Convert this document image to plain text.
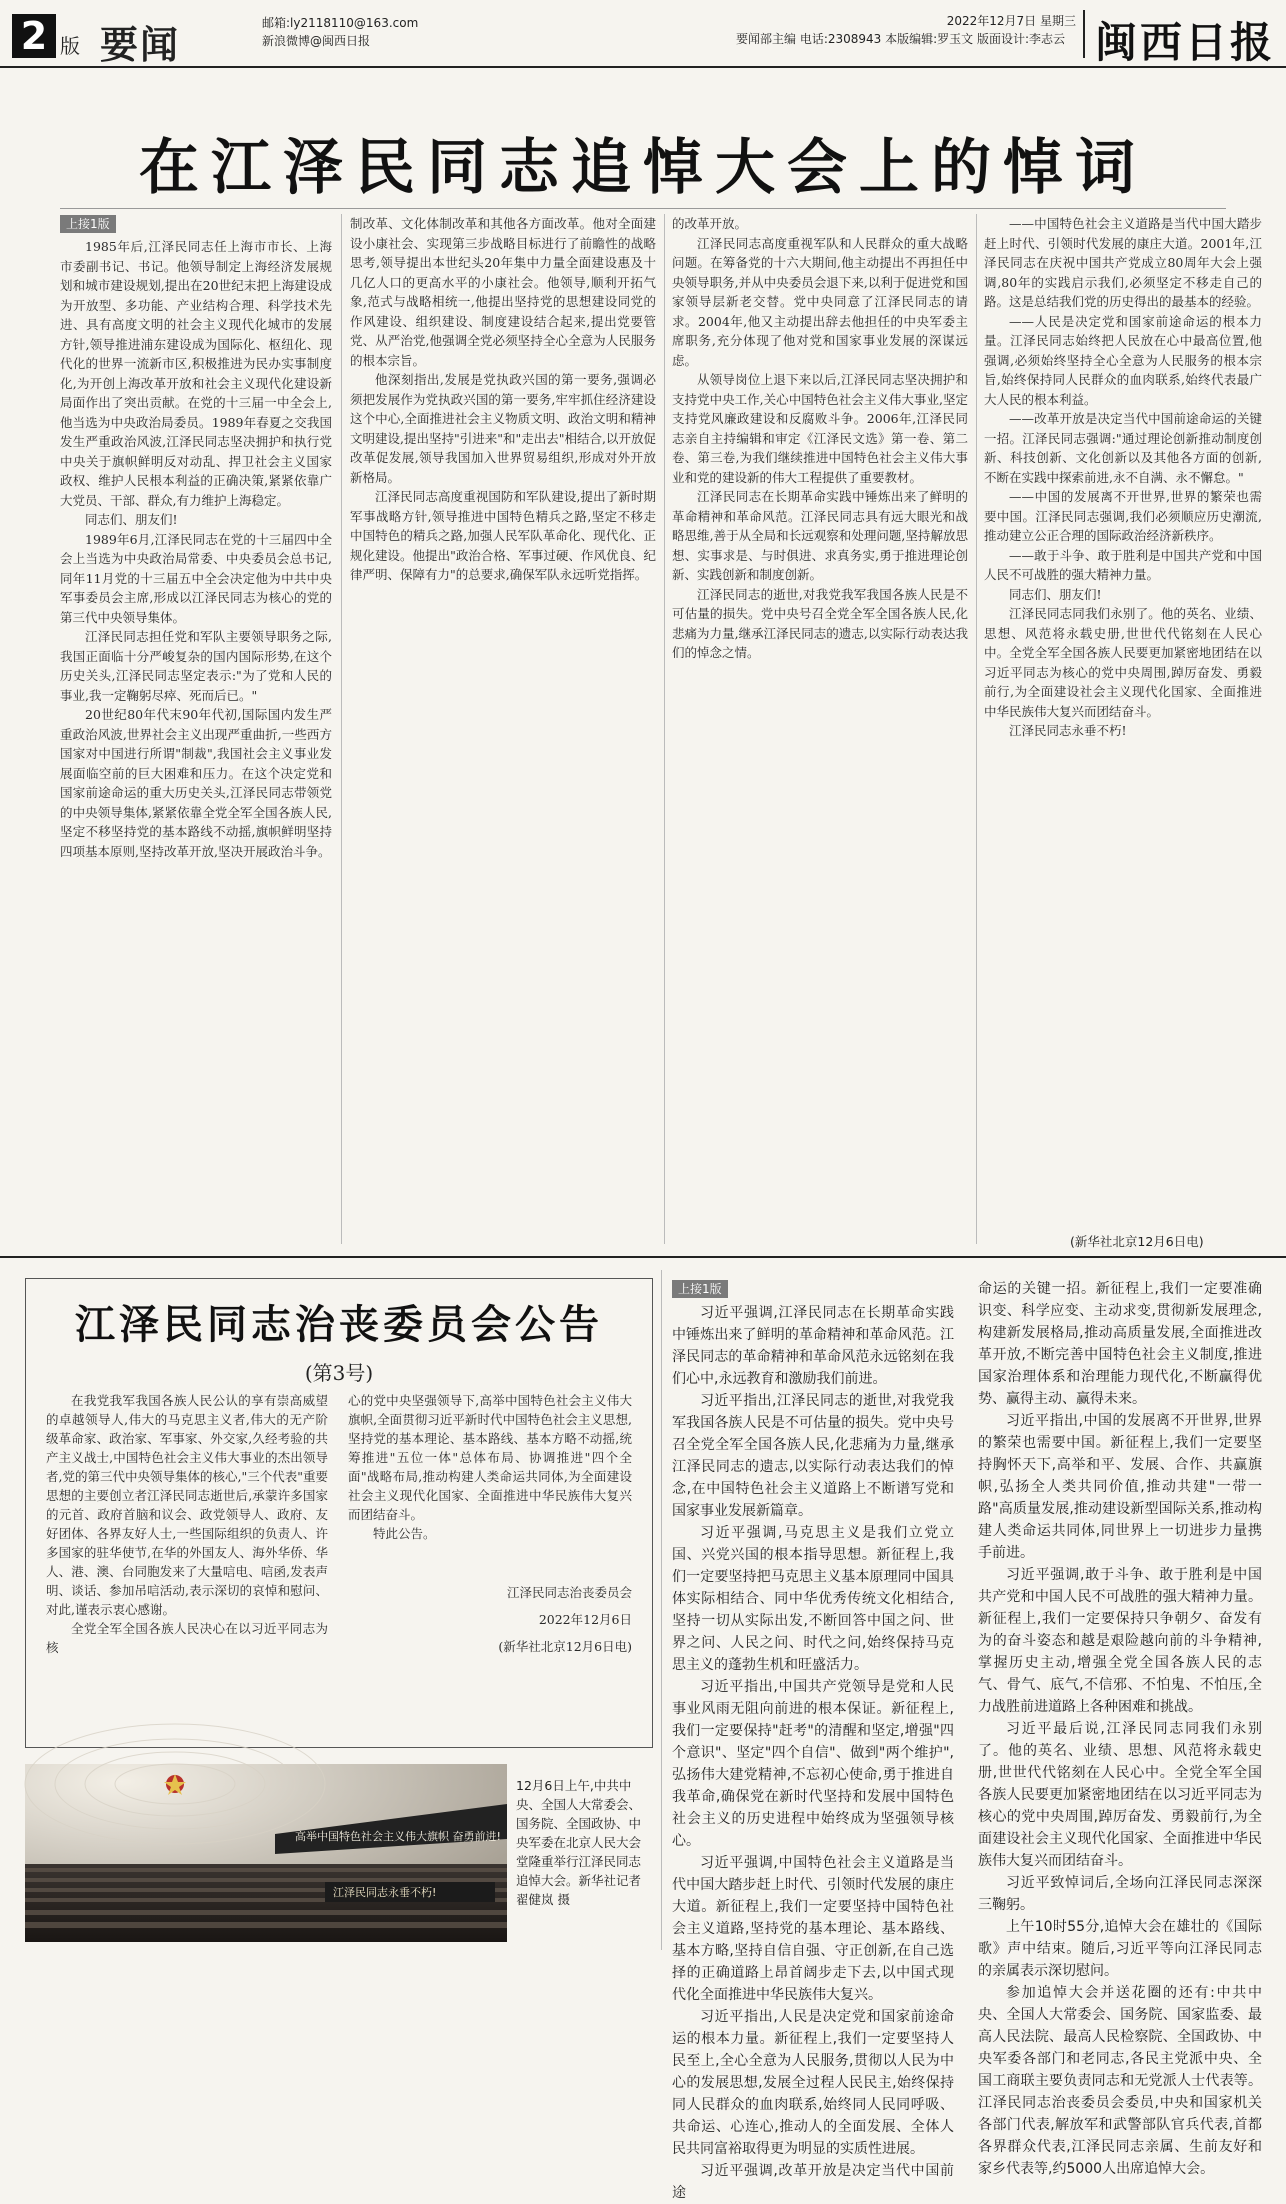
2 版 要闻	邮箱:ly2118110@163.com
新浪微博@闽西日报
2022年12月7日 星期三
要闻部主编 电话:2308943 本版编辑:罗玉文 版面设计:李志云 闽西日报
在江泽民同志追悼大会上的悼词
上接1版

1985年后,江泽民同志任上海市市长、上海市委副书记、书记。他领导制定上海经济发展规划和城市建设规划,提出在20世纪末把上海建设成为开放型、多功能、产业结构合理、科学技术先进、具有高度文明的社会主义现代化城市的发展方针,领导推进浦东建设成为国际化、枢纽化、现代化的世界一流新市区,积极推进为民办实事制度化,为开创上海改革开放和社会主义现代化建设新局面作出了突出贡献。在党的十三届一中全会上,他当选为中央政治局委员。1989年春夏之交我国发生严重政治风波,江泽民同志坚决拥护和执行党中央关于旗帜鲜明反对动乱、捍卫社会主义国家政权、维护人民根本利益的正确决策,紧紧依靠广大党员、干部、群众,有力维护上海稳定。

同志们、朋友们!

1989年6月,江泽民同志在党的十三届四中全会上当选为中央政治局常委、中央委员会总书记,同年11月党的十三届五中全会决定他为中共中央军事委员会主席,形成以江泽民同志为核心的党的第三代中央领导集体。

江泽民同志担任党和军队主要领导职务之际,我国正面临十分严峻复杂的国内国际形势,在这个历史关头,江泽民同志坚定表示:"为了党和人民的事业,我一定鞠躬尽瘁、死而后已。"

20世纪80年代末90年代初,国际国内发生严重政治风波,世界社会主义出现严重曲折,一些西方国家对中国进行所谓"制裁",我国社会主义事业发展面临空前的巨大困难和压力。在这个决定党和国家前途命运的重大历史关头,江泽民同志带领党的中央领导集体,紧紧依靠全党全军全国各族人民,坚定不移坚持党的基本路线不动摇,旗帜鲜明坚持四项基本原则,坚持改革开放,坚决开展政治斗争。

制改革、文化体制改革和其他各方面改革。他对全面建设小康社会、实现第三步战略目标进行了前瞻性的战略思考,领导提出本世纪头20年集中力量全面建设惠及十几亿人口的更高水平的小康社会。他领导,顺利开拓气象,范式与战略相统一,他提出坚持党的思想建设同党的作风建设、组织建设、制度建设结合起来,提出党要管党、从严治党,他强调全党必须坚持全心全意为人民服务的根本宗旨。

他深刻指出,发展是党执政兴国的第一要务,强调必须把发展作为党执政兴国的第一要务,牢牢抓住经济建设这个中心,全面推进社会主义物质文明、政治文明和精神文明建设,提出坚持"引进来"和"走出去"相结合,以开放促改革促发展,领导我国加入世界贸易组织,形成对外开放新格局。

江泽民同志高度重视国防和军队建设,提出了新时期军事战略方针,领导推进中国特色精兵之路,坚定不移走中国特色的精兵之路,加强人民军队革命化、现代化、正规化建设。他提出"政治合格、军事过硬、作风优良、纪律严明、保障有力"的总要求,确保军队永远听党指挥。

的改革开放。

江泽民同志高度重视军队和人民群众的重大战略问题。在筹备党的十六大期间,他主动提出不再担任中央领导职务,并从中央委员会退下来,以利于促进党和国家领导层新老交替。党中央同意了江泽民同志的请求。2004年,他又主动提出辞去他担任的中央军委主席职务,充分体现了他对党和国家事业发展的深谋远虑。

从领导岗位上退下来以后,江泽民同志坚决拥护和支持党中央工作,关心中国特色社会主义伟大事业,坚定支持党风廉政建设和反腐败斗争。2006年,江泽民同志亲自主持编辑和审定《江泽民文选》第一卷、第二卷、第三卷,为我们继续推进中国特色社会主义伟大事业和党的建设新的伟大工程提供了重要教材。

江泽民同志在长期革命实践中锤炼出来了鲜明的革命精神和革命风范。江泽民同志具有远大眼光和战略思维,善于从全局和长远观察和处理问题,坚持解放思想、实事求是、与时俱进、求真务实,勇于推进理论创新、实践创新和制度创新。

江泽民同志的逝世,对我党我军我国各族人民是不可估量的损失。党中央号召全党全军全国各族人民,化悲痛为力量,继承江泽民同志的遗志,以实际行动表达我们的悼念之情。

——中国特色社会主义道路是当代中国大踏步赶上时代、引领时代发展的康庄大道。2001年,江泽民同志在庆祝中国共产党成立80周年大会上强调,80年的实践启示我们,必须坚定不移走自己的路。这是总结我们党的历史得出的最基本的经验。

——人民是决定党和国家前途命运的根本力量。江泽民同志始终把人民放在心中最高位置,他强调,必须始终坚持全心全意为人民服务的根本宗旨,始终保持同人民群众的血肉联系,始终代表最广大人民的根本利益。

——改革开放是决定当代中国前途命运的关键一招。江泽民同志强调:"通过理论创新推动制度创新、科技创新、文化创新以及其他各方面的创新,不断在实践中探索前进,永不自满、永不懈怠。"

——中国的发展离不开世界,世界的繁荣也需要中国。江泽民同志强调,我们必须顺应历史潮流,推动建立公正合理的国际政治经济新秩序。

——敢于斗争、敢于胜利是中国共产党和中国人民不可战胜的强大精神力量。

同志们、朋友们!

江泽民同志同我们永别了。他的英名、业绩、思想、风范将永载史册,世世代代铭刻在人民心中。全党全军全国各族人民要更加紧密地团结在以习近平同志为核心的党中央周围,踔厉奋发、勇毅前行,为全面建设社会主义现代化国家、全面推进中华民族伟大复兴而团结奋斗。

江泽民同志永垂不朽!

(新华社北京12月6日电)
江泽民同志治丧委员会公告
(第3号)

在我党我军我国各族人民公认的享有崇高威望的卓越领导人,伟大的马克思主义者,伟大的无产阶级革命家、政治家、军事家、外交家,久经考验的共产主义战士,中国特色社会主义伟大事业的杰出领导者,党的第三代中央领导集体的核心,"三个代表"重要思想的主要创立者江泽民同志逝世后,承蒙许多国家的元首、政府首脑和议会、政党领导人、政府、友好团体、各界友好人士,一些国际组织的负责人、许多国家的驻华使节,在华的外国友人、海外华侨、华人、港、澳、台同胞发来了大量唁电、唁函,发表声明、谈话、参加吊唁活动,表示深切的哀悼和慰问、对此,谨表示衷心感谢。

全党全军全国各族人民决心在以习近平同志为核

心的党中央坚强领导下,高举中国特色社会主义伟大旗帜,全面贯彻习近平新时代中国特色社会主义思想,坚持党的基本理论、基本路线、基本方略不动摇,统筹推进"五位一体"总体布局、协调推进"四个全面"战略布局,推动构建人类命运共同体,为全面建设社会主义现代化国家、全面推进中华民族伟大复兴而团结奋斗。

特此公告。

江泽民同志治丧委员会

2022年12月6日

(新华社北京12月6日电)

高举中国特色社会主义伟大旗帜 奋勇前进!
江泽民同志永垂不朽!
12月6日上午,中共中央、全国人大常委会、国务院、全国政协、中央军委在北京人民大会堂隆重举行江泽民同志追悼大会。新华社记者 翟健岚 摄
上接1版

习近平强调,江泽民同志在长期革命实践中锤炼出来了鲜明的革命精神和革命风范。江泽民同志的革命精神和革命风范永远铭刻在我们心中,永远教育和激励我们前进。

习近平指出,江泽民同志的逝世,对我党我军我国各族人民是不可估量的损失。党中央号召全党全军全国各族人民,化悲痛为力量,继承江泽民同志的遗志,以实际行动表达我们的悼念,在中国特色社会主义道路上不断谱写党和国家事业发展新篇章。

习近平强调,马克思主义是我们立党立国、兴党兴国的根本指导思想。新征程上,我们一定要坚持把马克思主义基本原理同中国具体实际相结合、同中华优秀传统文化相结合,坚持一切从实际出发,不断回答中国之问、世界之问、人民之问、时代之问,始终保持马克思主义的蓬勃生机和旺盛活力。

习近平指出,中国共产党领导是党和人民事业风雨无阻向前进的根本保证。新征程上,我们一定要保持"赶考"的清醒和坚定,增强"四个意识"、坚定"四个自信"、做到"两个维护",弘扬伟大建党精神,不忘初心使命,勇于推进自我革命,确保党在新时代坚持和发展中国特色社会主义的历史进程中始终成为坚强领导核心。

习近平强调,中国特色社会主义道路是当代中国大踏步赶上时代、引领时代发展的康庄大道。新征程上,我们一定要坚持中国特色社会主义道路,坚持党的基本理论、基本路线、基本方略,坚持自信自强、守正创新,在自己选择的正确道路上昂首阔步走下去,以中国式现代化全面推进中华民族伟大复兴。

习近平指出,人民是决定党和国家前途命运的根本力量。新征程上,我们一定要坚持人民至上,全心全意为人民服务,贯彻以人民为中心的发展思想,发展全过程人民民主,始终保持同人民群众的血肉联系,始终同人民同呼吸、共命运、心连心,推动人的全面发展、全体人民共同富裕取得更为明显的实质性进展。

习近平强调,改革开放是决定当代中国前途

命运的关键一招。新征程上,我们一定要准确识变、科学应变、主动求变,贯彻新发展理念,构建新发展格局,推动高质量发展,全面推进改革开放,不断完善中国特色社会主义制度,推进国家治理体系和治理能力现代化,不断赢得优势、赢得主动、赢得未来。

习近平指出,中国的发展离不开世界,世界的繁荣也需要中国。新征程上,我们一定要坚持胸怀天下,高举和平、发展、合作、共赢旗帜,弘扬全人类共同价值,推动共建"一带一路"高质量发展,推动建设新型国际关系,推动构建人类命运共同体,同世界上一切进步力量携手前进。

习近平强调,敢于斗争、敢于胜利是中国共产党和中国人民不可战胜的强大精神力量。新征程上,我们一定要保持只争朝夕、奋发有为的奋斗姿态和越是艰险越向前的斗争精神,掌握历史主动,增强全党全国各族人民的志气、骨气、底气,不信邪、不怕鬼、不怕压,全力战胜前进道路上各种困难和挑战。

习近平最后说,江泽民同志同我们永别了。他的英名、业绩、思想、风范将永载史册,世世代代铭刻在人民心中。全党全军全国各族人民要更加紧密地团结在以习近平同志为核心的党中央周围,踔厉奋发、勇毅前行,为全面建设社会主义现代化国家、全面推进中华民族伟大复兴而团结奋斗。

习近平致悼词后,全场向江泽民同志深深三鞠躬。

上午10时55分,追悼大会在雄壮的《国际歌》声中结束。随后,习近平等向江泽民同志的亲属表示深切慰问。

参加追悼大会并送花圈的还有:中共中央、全国人大常委会、国务院、国家监委、最高人民法院、最高人民检察院、全国政协、中央军委各部门和老同志,各民主党派中央、全国工商联主要负责同志和无党派人士代表等。江泽民同志治丧委员会委员,中央和国家机关各部门代表,解放军和武警部队官兵代表,首都各界群众代表,江泽民同志亲属、生前友好和家乡代表等,约5000人出席追悼大会。
